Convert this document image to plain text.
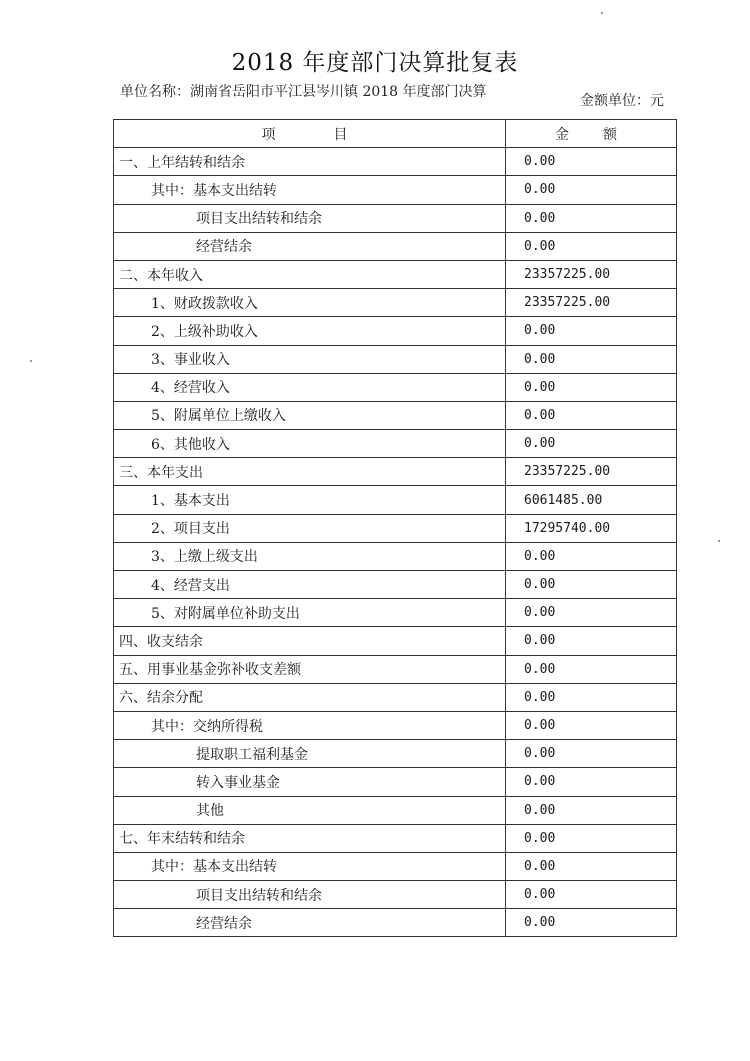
2018 年度部门决算批复表
单位名称：湖南省岳阳市平江县岑川镇 2018 年度部门决算
金额单位：元
项　　目	金　额
一、上年结转和结余	0.00
其中：基本支出结转	0.00
项目支出结转和结余	0.00
经营结余	0.00
二、本年收入	23357225.00
1、财政拨款收入	23357225.00
2、上级补助收入	0.00
3、事业收入	0.00
4、经营收入	0.00
5、附属单位上缴收入	0.00
6、其他收入	0.00
三、本年支出	23357225.00
1、基本支出	6061485.00
2、项目支出	17295740.00
3、上缴上级支出	0.00
4、经营支出	0.00
5、对附属单位补助支出	0.00
四、收支结余	0.00
五、用事业基金弥补收支差额	0.00
六、结余分配	0.00
其中：交纳所得税	0.00
提取职工福利基金	0.00
转入事业基金	0.00
其他	0.00
七、年末结转和结余	0.00
其中：基本支出结转	0.00
项目支出结转和结余	0.00
经营结余	0.00
